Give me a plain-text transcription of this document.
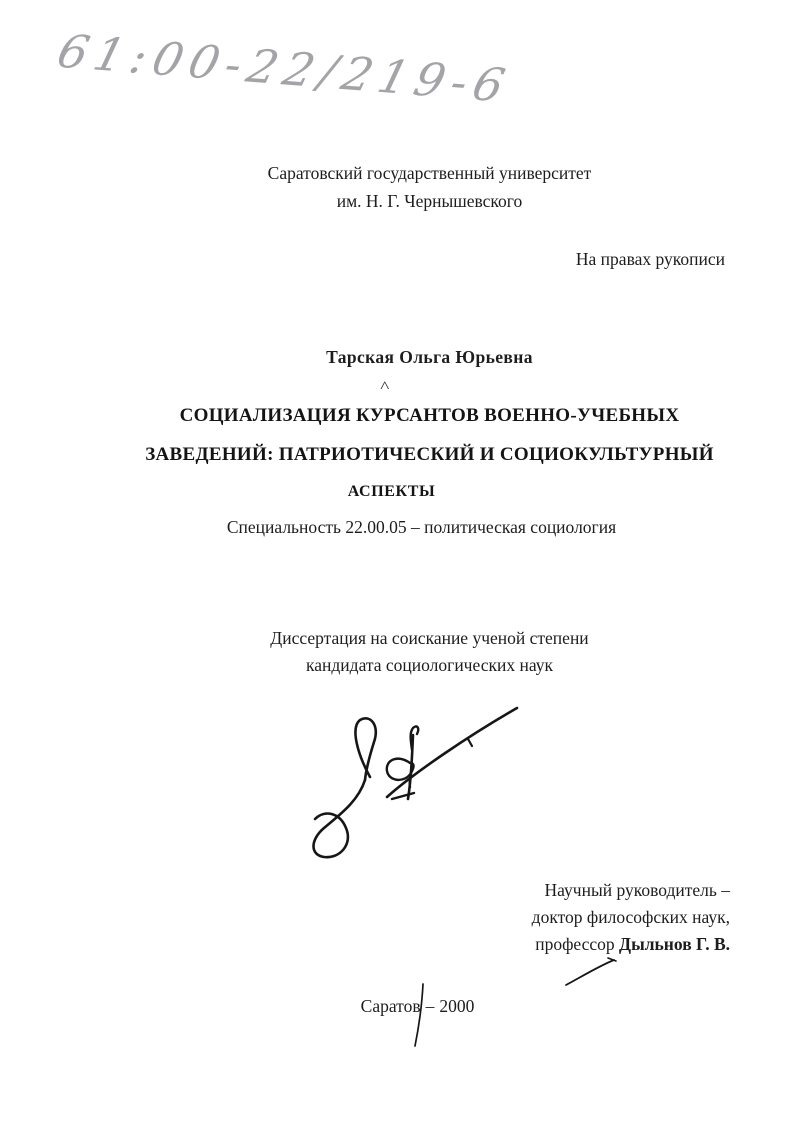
61:00-22/219-6
Саратовский государственный университет
им. Н. Г. Чернышевского
На правах рукописи
Тарская Ольга Юрьевна
^
СОЦИАЛИЗАЦИЯ КУРСАНТОВ ВОЕННО-УЧЕБНЫХ
ЗАВЕДЕНИЙ: ПАТРИОТИЧЕСКИЙ И СОЦИОКУЛЬТУРНЫЙ
АСПЕКТЫ
Специальность 22.00.05 – политическая социология
Диссертация на соискание ученой степени
кандидата социологических наук
Научный руководитель –
доктор философских наук,
профессор Дыльнов Г. В.
Саратов – 2000
